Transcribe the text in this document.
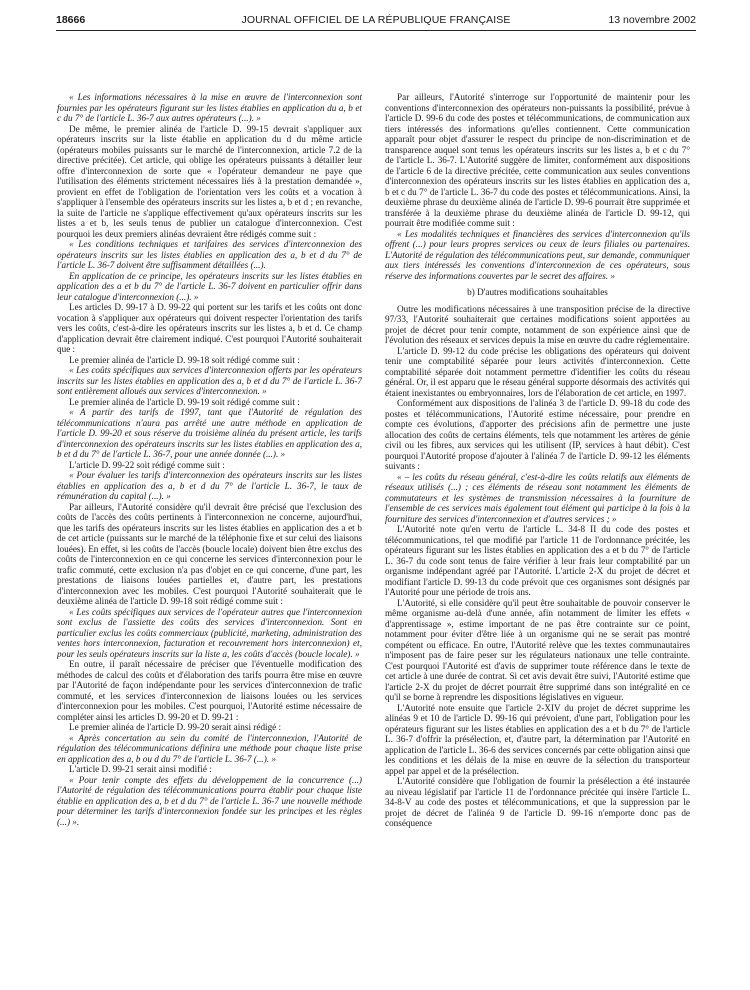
18666	JOURNAL OFFICIEL DE LA RÉPUBLIQUE FRANÇAISE	13 novembre 2002

« Les informations nécessaires à la mise en œuvre de l'interconnexion sont fournies par les opérateurs figurant sur les listes établies en application du a, b et c du 7° de l'article L. 36-7 aux autres opérateurs (...). »

De même, le premier alinéa de l'article D. 99-15 devrait s'appliquer aux opérateurs inscrits sur la liste établie en application du d du même article (opérateurs mobiles puissants sur le marché de l'interconnexion, article 7.2 de la directive précitée). Cet article, qui oblige les opérateurs puissants à détailler leur offre d'interconnexion de sorte que « l'opérateur demandeur ne paye que l'utilisation des éléments strictement nécessaires liés à la prestation demandée », provient en effet de l'obligation de l'orientation vers les coûts et a vocation à s'appliquer à l'ensemble des opérateurs inscrits sur les listes a, b et d ; en revanche, la suite de l'article ne s'applique effectivement qu'aux opérateurs inscrits sur les listes a et b, les seuls tenus de publier un catalogue d'interconnexion. C'est pourquoi les deux premiers alinéas devraient être rédigés comme suit :

« Les conditions techniques et tarifaires des services d'interconnexion des opérateurs inscrits sur les listes établies en application des a, b et d du 7° de l'article L. 36-7 doivent être suffisamment détaillées (...).

En application de ce principe, les opérateurs inscrits sur les listes établies en application des a et b du 7° de l'article L. 36-7 doivent en particulier offrir dans leur catalogue d'interconnexion (...). »

Les articles D. 99-17 à D. 99-22 qui portent sur les tarifs et les coûts ont donc vocation à s'appliquer aux opérateurs qui doivent respecter l'orientation des tarifs vers les coûts, c'est-à-dire les opérateurs inscrits sur les listes a, b et d. Ce champ d'application devrait être clairement indiqué. C'est pourquoi l'Autorité souhaiterait que :

Le premier alinéa de l'article D. 99-18 soit rédigé comme suit :

« Les coûts spécifiques aux services d'interconnexion offerts par les opérateurs inscrits sur les listes établies en application des a, b et d du 7° de l'article L. 36-7 sont entièrement alloués aux services d'interconnexion. »

Le premier alinéa de l'article D. 99-19 soit rédigé comme suit :

« A partir des tarifs de 1997, tant que l'Autorité de régulation des télécommunications n'aura pas arrêté une autre méthode en application de l'article D. 99-20 et sous réserve du troisième alinéa du présent article, les tarifs d'interconnexion des opérateurs inscrits sur les listes établies en application des a, b et d du 7° de l'article L. 36-7, pour une année donnée (...). »

L'article D. 99-22 soit rédigé comme suit :

« Pour évaluer les tarifs d'interconnexion des opérateurs inscrits sur les listes établies en application des a, b et d du 7° de l'article L. 36-7, le taux de rémunération du capital (...). »

Par ailleurs, l'Autorité considère qu'il devrait être précisé que l'exclusion des coûts de l'accès des coûts pertinents à l'interconnexion ne concerne, aujourd'hui, que les tarifs des opérateurs inscrits sur les listes établies en application des a et b de cet article (puissants sur le marché de la téléphonie fixe et sur celui des liaisons louées). En effet, si les coûts de l'accès (boucle locale) doivent bien être exclus des coûts de l'interconnexion en ce qui concerne les services d'interconnexion pour le trafic commuté, cette exclusion n'a pas d'objet en ce qui concerne, d'une part, les prestations de liaisons louées partielles et, d'autre part, les prestations d'interconnexion avec les mobiles. C'est pourquoi l'Autorité souhaiterait que le deuxième alinéa de l'article D. 99-18 soit rédigé comme suit :

« Les coûts spécifiques aux services de l'opérateur autres que l'interconnexion sont exclus de l'assiette des coûts des services d'interconnexion. Sont en particulier exclus les coûts commerciaux (publicité, marketing, administration des ventes hors interconnexion, facturation et recouvrement hors interconnexion) et, pour les seuls opérateurs inscrits sur la liste a, les coûts d'accès (boucle locale). »

En outre, il paraît nécessaire de préciser que l'éventuelle modification des méthodes de calcul des coûts et d'élaboration des tarifs pourra être mise en œuvre par l'Autorité de façon indépendante pour les services d'interconnexion de trafic commuté, et les services d'interconnexion de liaisons louées ou les services d'interconnexion pour les mobiles. C'est pourquoi, l'Autorité estime nécessaire de compléter ainsi les articles D. 99-20 et D. 99-21 :

Le premier alinéa de l'article D. 99-20 serait ainsi rédigé :

« Après concertation au sein du comité de l'interconnexion, l'Autorité de régulation des télécommunications définira une méthode pour chaque liste prise en application des a, b ou d du 7° de l'article L. 36-7 (...). »

L'article D. 99-21 serait ainsi modifié :

« Pour tenir compte des effets du développement de la concurrence (...) l'Autorité de régulation des télécommunications pourra établir pour chaque liste établie en application des a, b et d du 7° de l'article L. 36-7 une nouvelle méthode pour déterminer les tarifs d'interconnexion fondée sur les principes et les règles (...) ».

Par ailleurs, l'Autorité s'interroge sur l'opportunité de maintenir pour les conventions d'interconnexion des opérateurs non-puissants la possibilité, prévue à l'article D. 99-6 du code des postes et télécommunications, de communication aux tiers intéressés des informations qu'elles contiennent. Cette communication apparaît pour objet d'assurer le respect du principe de non-discrimination et de transparence auquel sont tenus les opérateurs inscrits sur les listes a, b et c du 7° de l'article L. 36-7. L'Autorité suggère de limiter, conformément aux dispositions de l'article 6 de la directive précitée, cette communication aux seules conventions d'interconnexion des opérateurs inscrits sur les listes établies en application des a, b et c du 7° de l'article L. 36-7 du code des postes et télécommunications. Ainsi, la deuxième phrase du deuxième alinéa de l'article D. 99-6 pourrait être supprimée et transférée à la deuxième phrase du deuxième alinéa de l'article D. 99-12, qui pourrait être modifiée comme suit :

« Les modalités techniques et financières des services d'interconnexion qu'ils offrent (...) pour leurs propres services ou ceux de leurs filiales ou partenaires. L'Autorité de régulation des télécommunications peut, sur demande, communiquer aux tiers intéressés les conventions d'interconnexion de ces opérateurs, sous réserve des informations couvertes par le secret des affaires. »

b) D'autres modifications souhaitables

Outre les modifications nécessaires à une transposition précise de la directive 97/33, l'Autorité souhaiterait que certaines modifications soient apportées au projet de décret pour tenir compte, notamment de son expérience ainsi que de l'évolution des réseaux et services depuis la mise en œuvre du cadre réglementaire.

L'article D. 99-12 du code précise les obligations des opérateurs qui doivent tenir une comptabilité séparée pour leurs activités d'interconnexion. Cette comptabilité séparée doit notamment permettre d'identifier les coûts du réseau général. Or, il est apparu que le réseau général supporte désormais des activités qui étaient inexistantes ou embryonnaires, lors de l'élaboration de cet article, en 1997.

Conformément aux dispositions de l'alinéa 3 de l'article D. 99-18 du code des postes et télécommunications, l'Autorité estime nécessaire, pour prendre en compte ces évolutions, d'apporter des précisions afin de permettre une juste allocation des coûts de certains éléments, tels que notamment les artères de génie civil ou les fibres, aux services qui les utilisent (IP, services à haut débit). C'est pourquoi l'Autorité propose d'ajouter à l'alinéa 7 de l'article D. 99-12 les éléments suivants :

« – les coûts du réseau général, c'est-à-dire les coûts relatifs aux éléments de réseaux utilisés (...) ; ces éléments de réseau sont notamment les éléments de commutateurs et les systèmes de transmission nécessaires à la fourniture de l'ensemble de ces services mais également tout élément qui participe à la fois à la fourniture des services d'interconnexion et d'autres services ; »

L'Autorité note qu'en vertu de l'article L. 34-8 II du code des postes et télécommunications, tel que modifié par l'article 11 de l'ordonnance précitée, les opérateurs figurant sur les listes établies en application des a et b du 7° de l'article L. 36-7 du code sont tenus de faire vérifier à leur frais leur comptabilité par un organisme indépendant agréé par l'Autorité. L'article 2-X du projet de décret et modifiant l'article D. 99-13 du code prévoit que ces organismes sont désignés par l'Autorité pour une période de trois ans.

L'Autorité, si elle considère qu'il peut être souhaitable de pouvoir conserver le même organisme au-delà d'une année, afin notamment de limiter les effets « d'apprentissage », estime important de ne pas être contrainte sur ce point, notamment pour éviter d'être liée à un organisme qui ne se serait pas montré compétent ou efficace. En outre, l'Autorité relève que les textes communautaires n'imposent pas de faire peser sur les régulateurs nationaux une telle contrainte. C'est pourquoi l'Autorité est d'avis de supprimer toute référence dans le texte de cet article à une durée de contrat. Si cet avis devait être suivi, l'Autorité estime que l'article 2-X du projet de décret pourrait être supprimé dans son intégralité en ce qu'il se borne à reprendre les dispositions législatives en vigueur.

L'Autorité note ensuite que l'article 2-XIV du projet de décret supprime les alinéas 9 et 10 de l'article D. 99-16 qui prévoient, d'une part, l'obligation pour les opérateurs figurant sur les listes établies en application des a et b du 7° de l'article L. 36-7 d'offrir la présélection, et, d'autre part, la détermination par l'Autorité en application de l'article L. 36-6 des services concernés par cette obligation ainsi que les conditions et les délais de la mise en œuvre de la sélection du transporteur appel par appel et de la présélection.

L'Autorité considère que l'obligation de fournir la présélection a été instaurée au niveau législatif par l'article 11 de l'ordonnance précitée qui insère l'article L. 34-8-V au code des postes et télécommunications, et que la suppression par le projet de décret de l'alinéa 9 de l'article D. 99-16 n'emporte donc pas de conséquence
